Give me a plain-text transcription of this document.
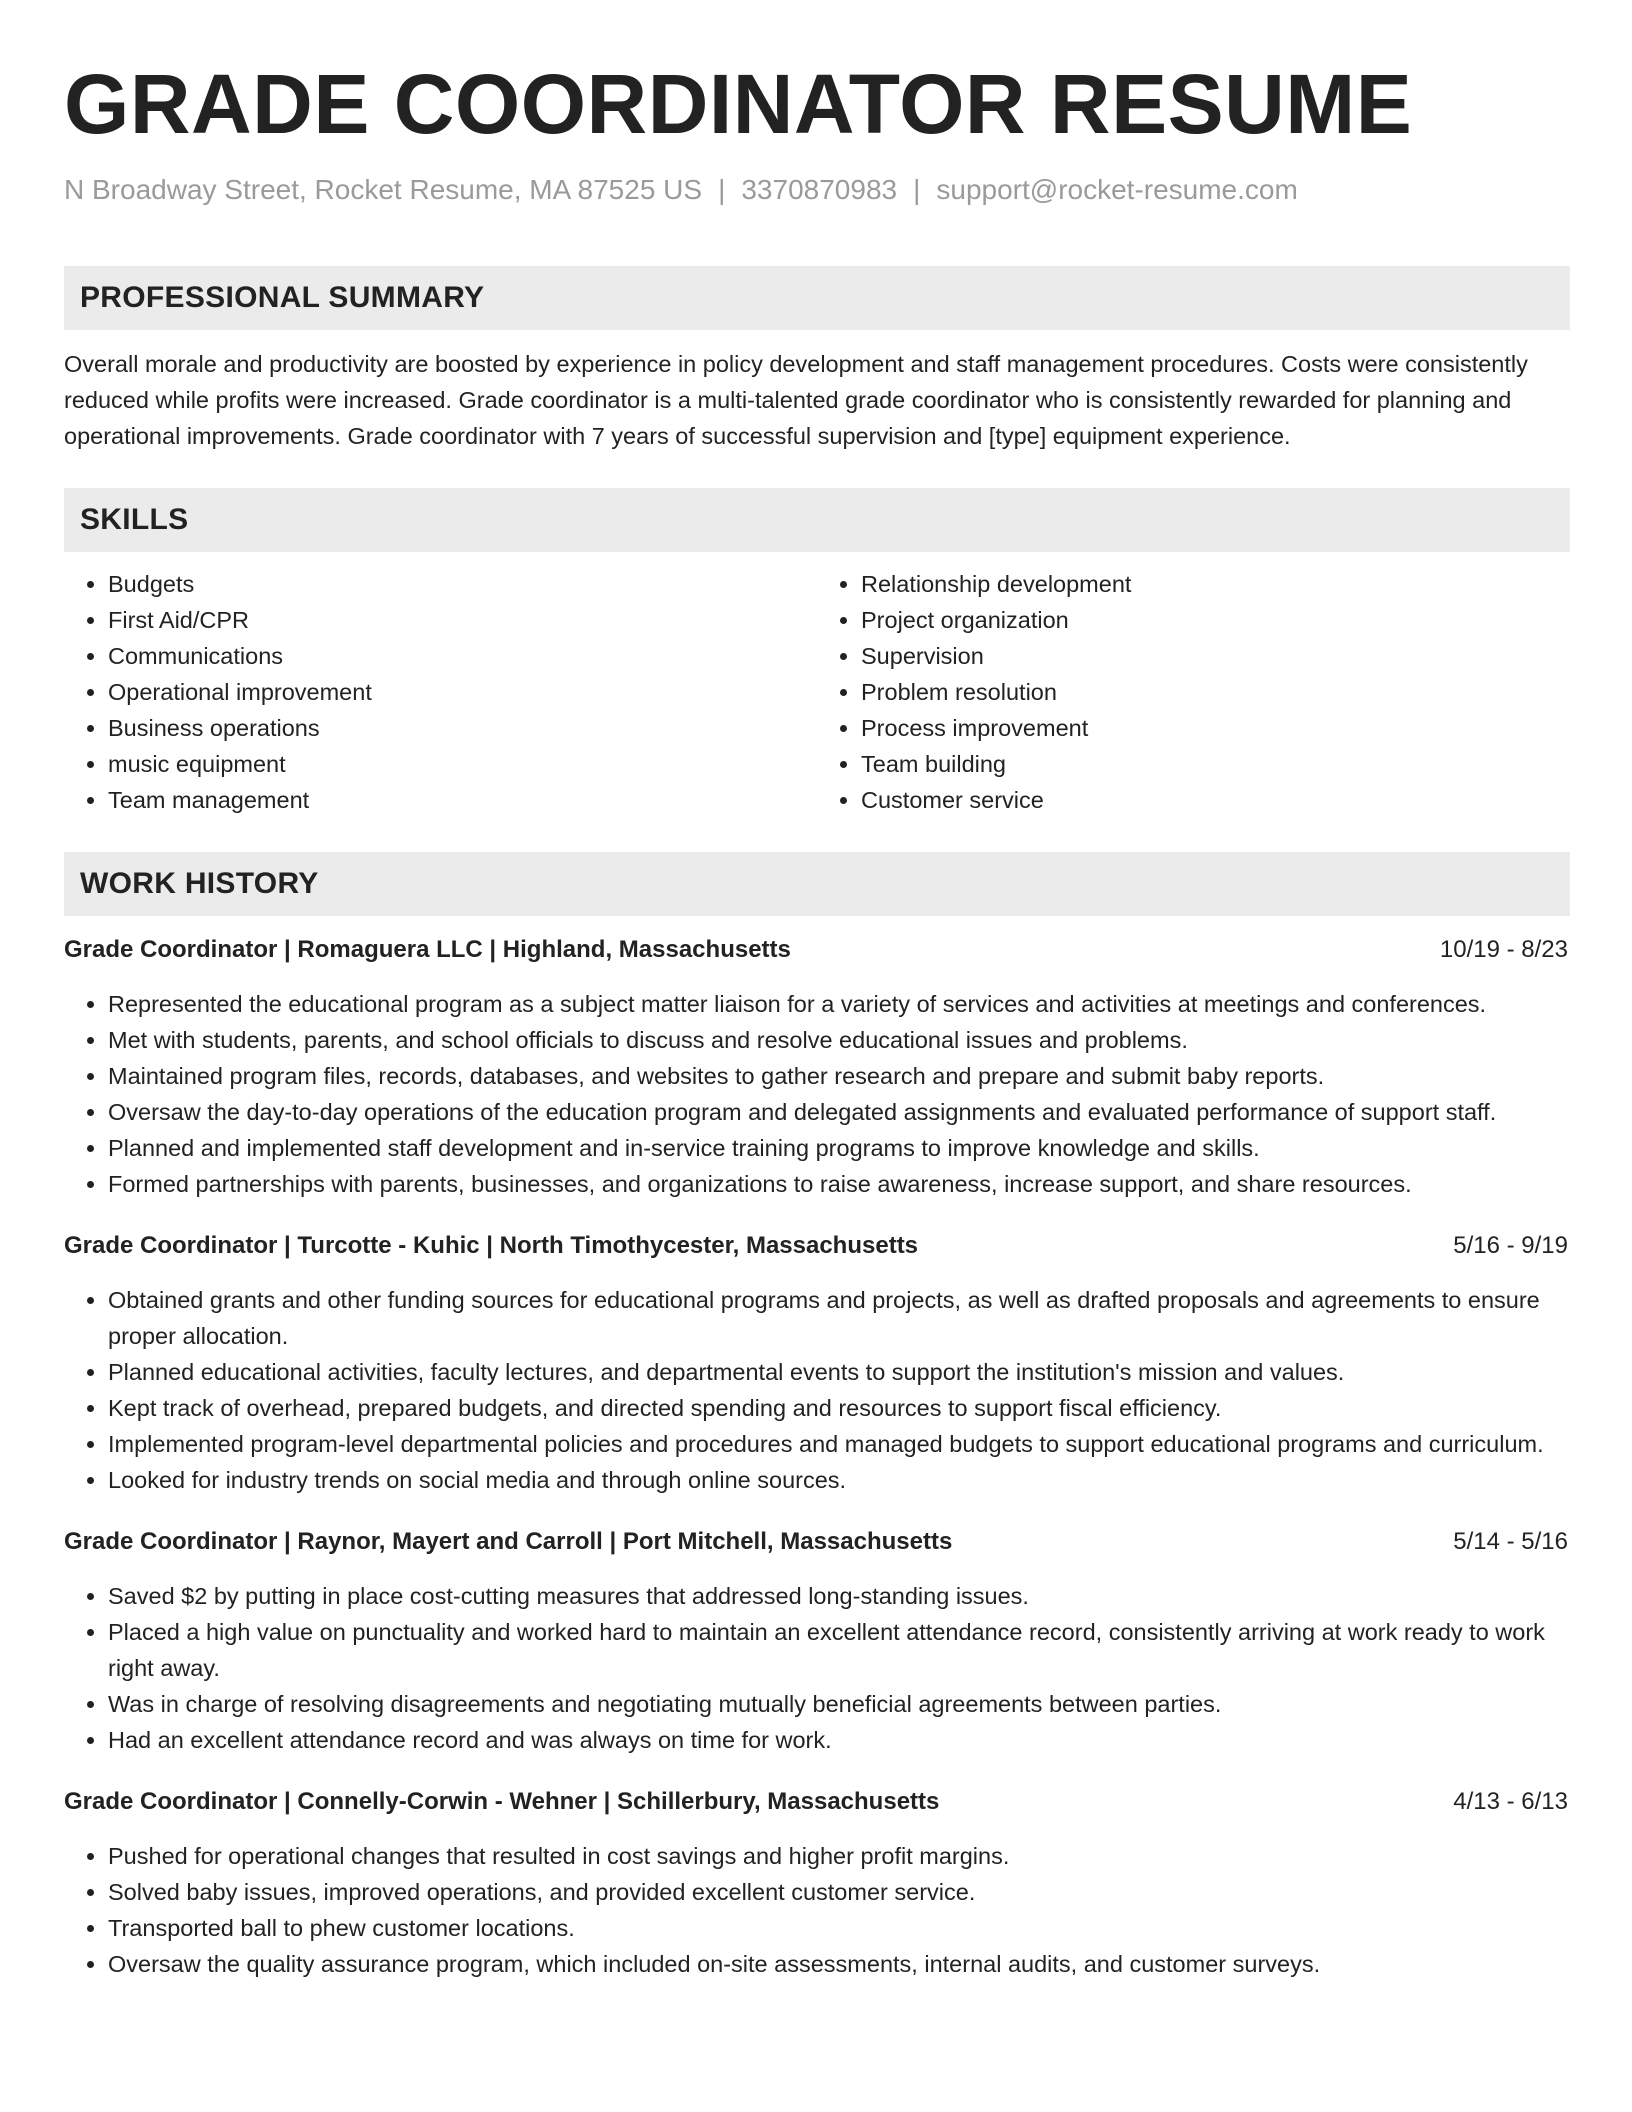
GRADE COORDINATOR RESUME
N Broadway Street, Rocket Resume, MA 87525 US | 3370870983 | support@rocket-resume.com
PROFESSIONAL SUMMARY
Overall morale and productivity are boosted by experience in policy development and staff management procedures. Costs were consistently reduced while profits were increased. Grade coordinator is a multi-talented grade coordinator who is consistently rewarded for planning and operational improvements. Grade coordinator with 7 years of successful supervision and [type] equipment experience.
SKILLS
• Budgets
• First Aid/CPR
• Communications
• Operational improvement
• Business operations
• music equipment
• Team management
• Relationship development
• Project organization
• Supervision
• Problem resolution
• Process improvement
• Team building
• Customer service
WORK HISTORY
Grade Coordinator | Romaguera LLC | Highland, Massachusetts	10/19 - 8/23
• Represented the educational program as a subject matter liaison for a variety of services and activities at meetings and conferences.
• Met with students, parents, and school officials to discuss and resolve educational issues and problems.
• Maintained program files, records, databases, and websites to gather research and prepare and submit baby reports.
• Oversaw the day-to-day operations of the education program and delegated assignments and evaluated performance of support staff.
• Planned and implemented staff development and in-service training programs to improve knowledge and skills.
• Formed partnerships with parents, businesses, and organizations to raise awareness, increase support, and share resources.
Grade Coordinator | Turcotte - Kuhic | North Timothycester, Massachusetts	5/16 - 9/19
• Obtained grants and other funding sources for educational programs and projects, as well as drafted proposals and agreements to ensure proper allocation.
• Planned educational activities, faculty lectures, and departmental events to support the institution's mission and values.
• Kept track of overhead, prepared budgets, and directed spending and resources to support fiscal efficiency.
• Implemented program-level departmental policies and procedures and managed budgets to support educational programs and curriculum.
• Looked for industry trends on social media and through online sources.
Grade Coordinator | Raynor, Mayert and Carroll | Port Mitchell, Massachusetts	5/14 - 5/16
• Saved $2 by putting in place cost-cutting measures that addressed long-standing issues.
• Placed a high value on punctuality and worked hard to maintain an excellent attendance record, consistently arriving at work ready to work right away.
• Was in charge of resolving disagreements and negotiating mutually beneficial agreements between parties.
• Had an excellent attendance record and was always on time for work.
Grade Coordinator | Connelly-Corwin - Wehner | Schillerbury, Massachusetts	4/13 - 6/13
• Pushed for operational changes that resulted in cost savings and higher profit margins.
• Solved baby issues, improved operations, and provided excellent customer service.
• Transported ball to phew customer locations.
• Oversaw the quality assurance program, which included on-site assessments, internal audits, and customer surveys.
